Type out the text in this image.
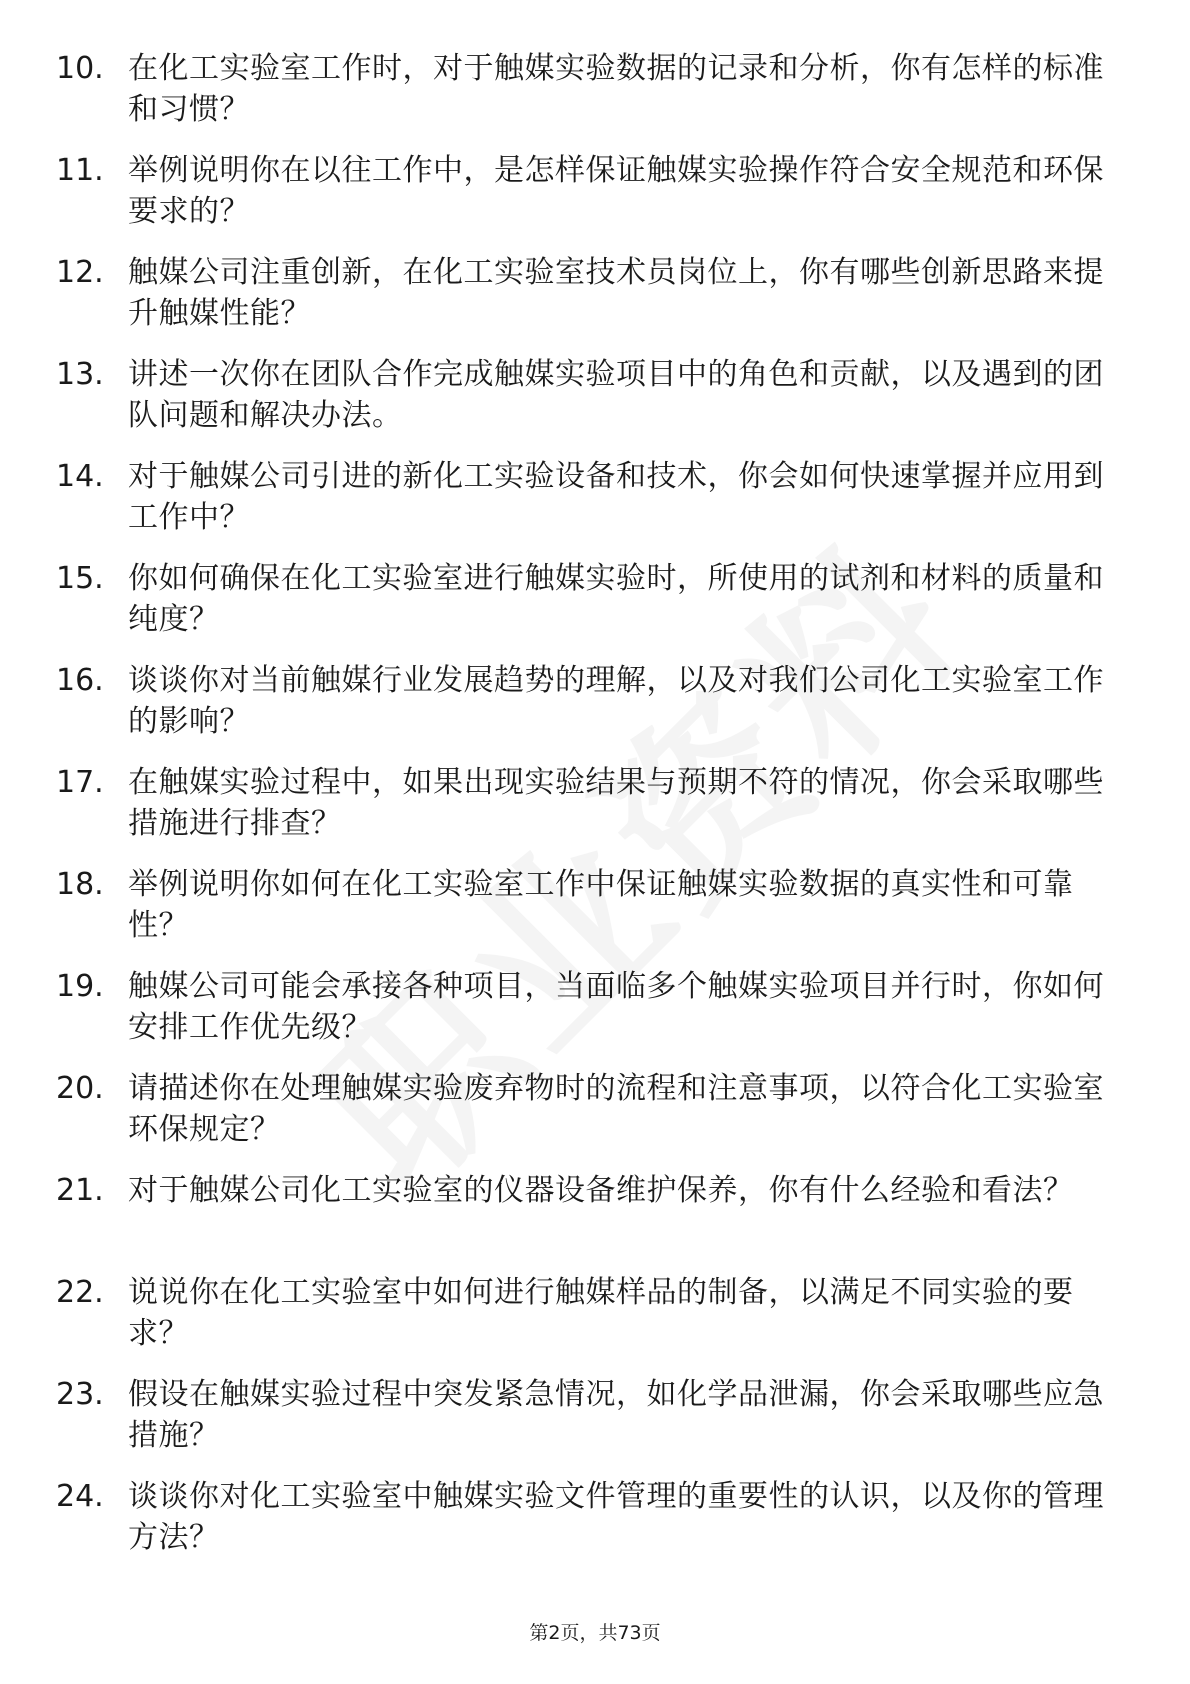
10. 在化工实验室工作时，对于触媒实验数据的记录和分析，你有怎样的标准和习惯？
11. 举例说明你在以往工作中，是怎样保证触媒实验操作符合安全规范和环保要求的？
12. 触媒公司注重创新，在化工实验室技术员岗位上，你有哪些创新思路来提升触媒性能？
13. 讲述一次你在团队合作完成触媒实验项目中的角色和贡献，以及遇到的团队问题和解决办法。
14. 对于触媒公司引进的新化工实验设备和技术，你会如何快速掌握并应用到工作中？
15. 你如何确保在化工实验室进行触媒实验时，所使用的试剂和材料的质量和纯度？
16. 谈谈你对当前触媒行业发展趋势的理解，以及对我们公司化工实验室工作的影响？
17. 在触媒实验过程中，如果出现实验结果与预期不符的情况，你会采取哪些措施进行排查？
18. 举例说明你如何在化工实验室工作中保证触媒实验数据的真实性和可靠性？
19. 触媒公司可能会承接各种项目，当面临多个触媒实验项目并行时，你如何安排工作优先级？
20. 请描述你在处理触媒实验废弃物时的流程和注意事项，以符合化工实验室环保规定？
21. 对于触媒公司化工实验室的仪器设备维护保养，你有什么经验和看法？
22. 说说你在化工实验室中如何进行触媒样品的制备，以满足不同实验的要求？
23. 假设在触媒实验过程中突发紧急情况，如化学品泄漏，你会采取哪些应急措施？
24. 谈谈你对化工实验室中触媒实验文件管理的重要性的认识，以及你的管理方法？
第2页，共73页
